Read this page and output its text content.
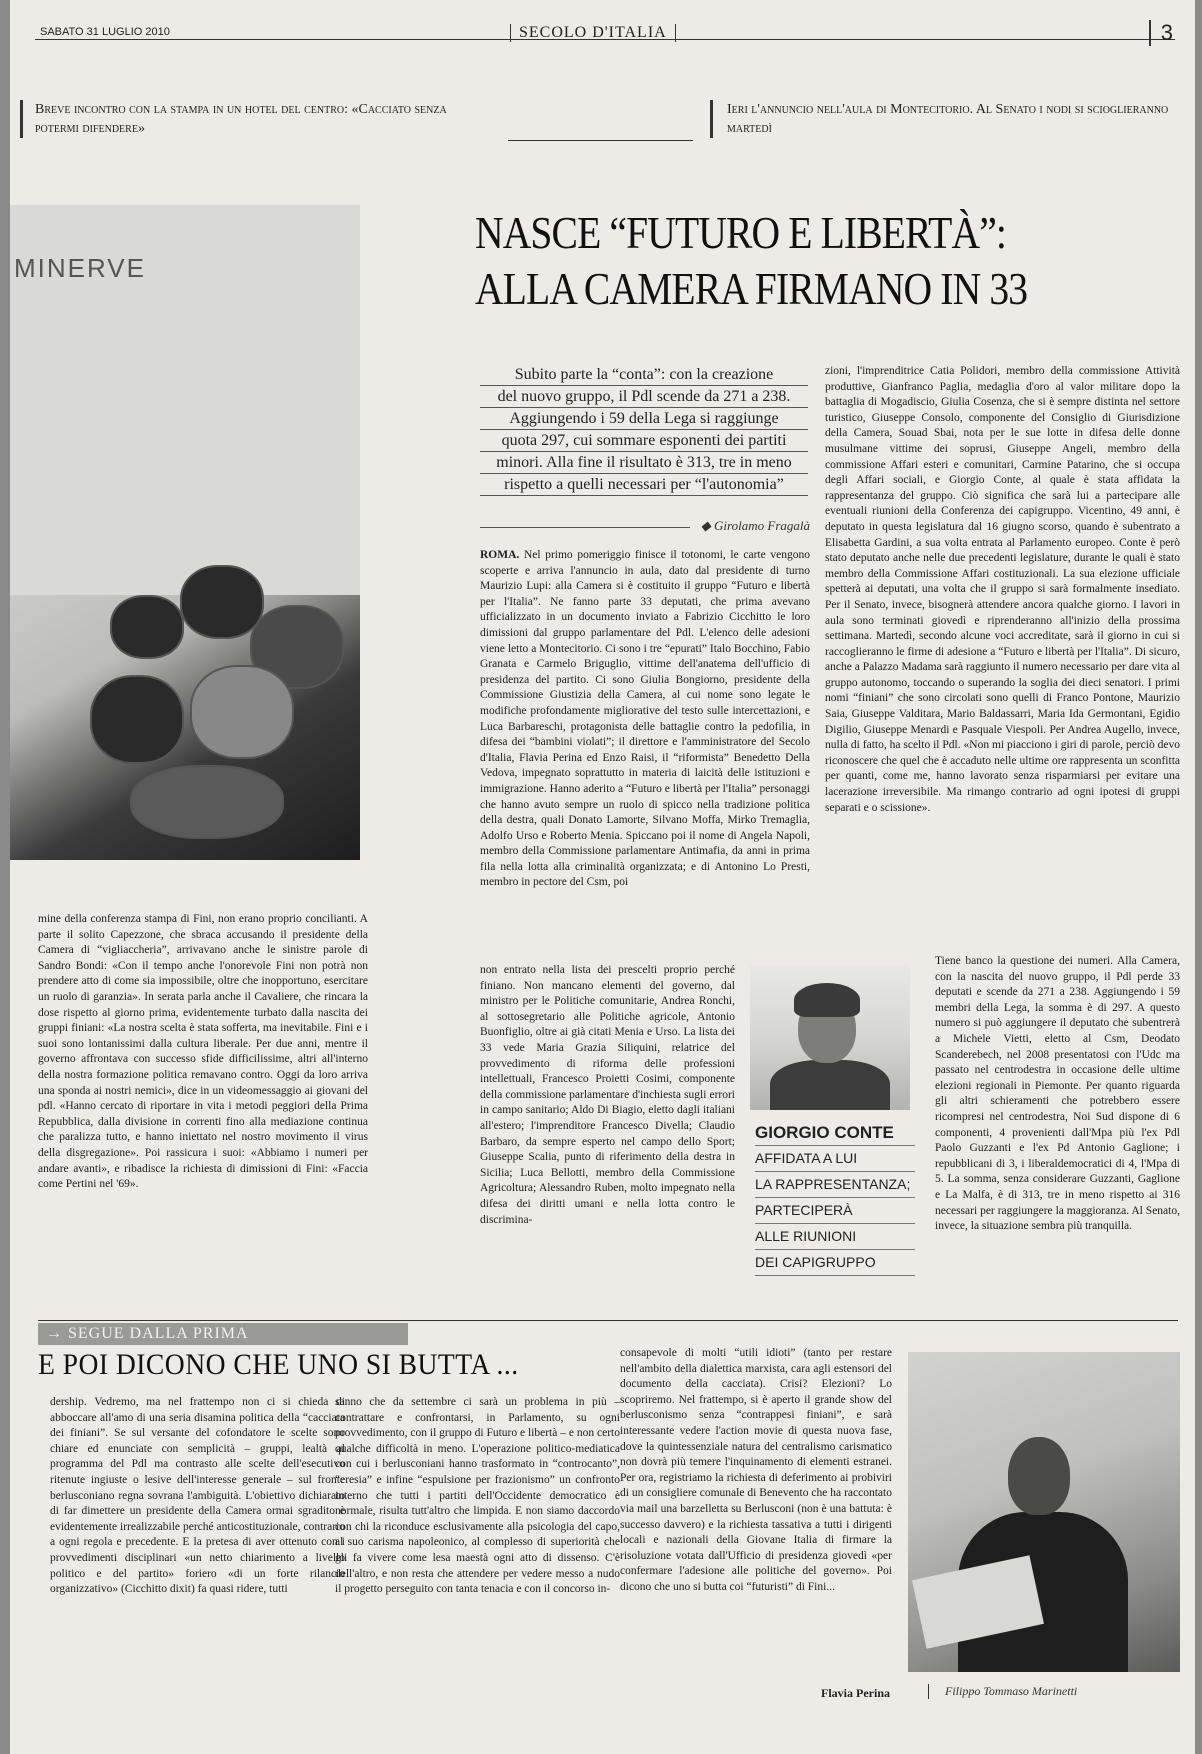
SABATO 31 LUGLIO 2010	SECOLO D'ITALIA	3
Breve incontro con la stampa in un hotel del centro: «Cacciato senza potermi difendere»
Ieri l'annuncio nell'aula di Montecitorio. Al Senato i nodi si scioglieranno martedì
MINERVE
NASCE “FUTURO E LIBERTÀ”:
ALLA CAMERA FIRMANO IN 33
Subito parte la “conta”: con la creazione
del nuovo gruppo, il Pdl scende da 271 a 238.
Aggiungendo i 59 della Lega si raggiunge
quota 297, cui sommare esponenti dei partiti
minori. Alla fine il risultato è 313, tre in meno
rispetto a quelli necessari per “l'autonomia”
◆ Girolamo Fragalà
ROMA. Nel primo pomeriggio finisce il totonomi, le carte vengono scoperte e arriva l'annuncio in aula, dato dal presidente di turno Maurizio Lupi: alla Camera si è costituito il gruppo “Futuro e libertà per l'Italia”. Ne fanno parte 33 deputati, che prima avevano ufficializzato in un documento inviato a Fabrizio Cicchitto le loro dimissioni dal gruppo parlamentare del Pdl. L'elenco delle adesioni viene letto a Montecitorio. Ci sono i tre “epurati” Italo Bocchino, Fabio Granata e Carmelo Briguglio, vittime dell'anatema dell'ufficio di presidenza del partito. Ci sono Giulia Bongiorno, presidente della Commissione Giustizia della Camera, al cui nome sono legate le modifiche profondamente migliorative del testo sulle intercettazioni, e Luca Barbareschi, protagonista delle battaglie contro la pedofilia, in difesa dei “bambini violati”; il direttore e l'amministratore del Secolo d'Italia, Flavia Perina ed Enzo Raisi, il “riformista” Benedetto Della Vedova, impegnato soprattutto in materia di laicità delle istituzioni e immigrazione. Hanno aderito a “Futuro e libertà per l'Italia” personaggi che hanno avuto sempre un ruolo di spicco nella tradizione politica della destra, quali Donato Lamorte, Silvano Moffa, Mirko Tremaglia, Adolfo Urso e Roberto Menia. Spiccano poi il nome di Angela Napoli, membro della Commissione parlamentare Antimafia, da anni in prima fila nella lotta alla criminalità organizzata; e di Antonino Lo Presti, membro in pectore del Csm, poi
non entrato nella lista dei prescelti proprio perché finiano. Non mancano elementi del governo, dal ministro per le Politiche comunitarie, Andrea Ronchi, al sottosegretario alle Politiche agricole, Antonio Buonfiglio, oltre ai già citati Menia e Urso. La lista dei 33 vede Maria Grazia Siliquini, relatrice del provvedimento di riforma delle professioni intellettuali, Francesco Proietti Cosimi, componente della commissione parlamentare d'inchiesta sugli errori in campo sanitario; Aldo Di Biagio, eletto dagli italiani all'estero; l'imprenditore Francesco Divella; Claudio Barbaro, da sempre esperto nel campo dello Sport; Giuseppe Scalia, punto di riferimento della destra in Sicilia; Luca Bellotti, membro della Commissione Agricoltura; Alessandro Ruben, molto impegnato nella difesa dei diritti umani e nella lotta contro le discrimina-
zioni, l'imprenditrice Catia Polidori, membro della commissione Attività produttive, Gianfranco Paglia, medaglia d'oro al valor militare dopo la battaglia di Mogadiscio, Giulia Cosenza, che si è sempre distinta nel settore turistico, Giuseppe Consolo, componente del Consiglio di Giurisdizione della Camera, Souad Sbai, nota per le sue lotte in difesa delle donne musulmane vittime dei soprusi, Giuseppe Angeli, membro della commissione Affari esteri e comunitari, Carmine Patarino, che si occupa degli Affari sociali, e Giorgio Conte, al quale è stata affidata la rappresentanza del gruppo. Ciò significa che sarà lui a partecipare alle eventuali riunioni della Conferenza dei capigruppo. Vicentino, 49 anni, è deputato in questa legislatura dal 16 giugno scorso, quando è subentrato a Elisabetta Gardini, a sua volta entrata al Parlamento europeo. Conte è però stato deputato anche nelle due precedenti legislature, durante le quali è stato membro della Commissione Affari costituzionali. La sua elezione ufficiale spetterà ai deputati, una volta che il gruppo si sarà formalmente insediato. Per il Senato, invece, bisognerà attendere ancora qualche giorno. I lavori in aula sono terminati giovedì e riprenderanno all'inizio della prossima settimana. Martedì, secondo alcune voci accreditate, sarà il giorno in cui si raccoglieranno le firme di adesione a “Futuro e libertà per l'Italia”. Di sicuro, anche a Palazzo Madama sarà raggiunto il numero necessario per dare vita al gruppo autonomo, toccando o superando la soglia dei dieci senatori. I primi nomi “finiani” che sono circolati sono quelli di Franco Pontone, Maurizio Saia, Giuseppe Valditara, Mario Baldassarri, Maria Ida Germontani, Egidio Digilio, Giuseppe Menardi e Pasquale Viespoli. Per Andrea Augello, invece, nulla di fatto, ha scelto il Pdl. «Non mi piacciono i giri di parole, perciò devo riconoscere che quel che è accaduto nelle ultime ore rappresenta un sconfitta per quanti, come me, hanno lavorato senza risparmiarsi per evitare una lacerazione irreversibile. Ma rimango contrario ad ogni ipotesi di gruppi separati e o scissione».
Tiene banco la questione dei numeri. Alla Camera, con la nascita del nuovo gruppo, il Pdl perde 33 deputati e scende da 271 a 238. Aggiungendo i 59 membri della Lega, la somma è di 297. A questo numero si può aggiungere il deputato che subentrerà a Michele Vietti, eletto al Csm, Deodato Scanderebech, nel 2008 presentatosi con l'Udc ma passato nel centrodestra in occasione delle ultime elezioni regionali in Piemonte. Per quanto riguarda gli altri schieramenti che potrebbero essere ricompresi nel centrodestra, Noi Sud dispone di 6 componenti, 4 provenienti dall'Mpa più l'ex Pdl Paolo Guzzanti e l'ex Pd Antonio Gaglione; i repubblicani di 3, i liberaldemocratici di 4, l'Mpa di 5. La somma, senza considerare Guzzanti, Gaglione e La Malfa, è di 313, tre in meno rispetto ai 316 necessari per raggiungere la maggioranza. Al Senato, invece, la situazione sembra più tranquilla.
mine della conferenza stampa di Fini, non erano proprio concilianti. A parte il solito Capezzone, che sbraca accusando il presidente della Camera di “vigliaccheria”, arrivavano anche le sinistre parole di Sandro Bondi: «Con il tempo anche l'onorevole Fini non potrà non prendere atto di come sia impossibile, oltre che inopportuno, esercitare un ruolo di garanzia». In serata parla anche il Cavaliere, che rincara la dose rispetto al giorno prima, evidentemente turbato dalla nascita dei gruppi finiani: «La nostra scelta è stata sofferta, ma inevitabile. Fini e i suoi sono lontanissimi dalla cultura liberale. Per due anni, mentre il governo affrontava con successo sfide difficilissime, altri all'interno della nostra formazione politica remavano contro. Oggi da loro arriva una sponda ai nostri nemici», dice in un videomessaggio ai giovani del pdl. «Hanno cercato di riportare in vita i metodi peggiori della Prima Repubblica, dalla divisione in correnti fino alla mediazione continua che paralizza tutto, e hanno iniettato nel nostro movimento il virus della disgregazione». Poi rassicura i suoi: «Abbiamo i numeri per andare avanti», e ribadisce la richiesta di dimissioni di Fini: «Faccia come Pertini nel '69».
GIORGIO CONTE
AFFIDATA A LUI
LA RAPPRESENTANZA;
PARTECIPERÀ
ALLE RIUNIONI
DEI CAPIGRUPPO
→ SEGUE DALLA PRIMA
E POI DICONO CHE UNO SI BUTTA ...
dership. Vedremo, ma nel frattempo non ci si chieda di abboccare all'amo di una seria disamina politica della “cacciata dei finiani”. Se sul versante del cofondatore le scelte sono chiare ed enunciate con semplicità – gruppi, lealtà al programma del Pdl ma contrasto alle scelte dell'esecutivo ritenute ingiuste o lesive dell'interesse generale – sul fronte berlusconiano regna sovrana l'ambiguità. L'obiettivo dichiarato di far dimettere un presidente della Camera ormai sgradito è evidentemente irrealizzabile perché anticostituzionale, contrario a ogni regola e precedente. E la pretesa di aver ottenuto con i provvedimenti disciplinari «un netto chiarimento a livello politico e del partito» foriero «di un forte rilancio organizzativo» (Cicchitto dixit) fa quasi ridere, tutti
sanno che da settembre ci sarà un problema in più – contrattare e confrontarsi, in Parlamento, su ogni provvedimento, con il gruppo di Futuro e libertà – e non certo qualche difficoltà in meno. L'operazione politico-mediatica con cui i berlusconiani hanno trasformato in “controcanto”, “eresia” e infine “espulsione per frazionismo” un confronto interno che tutti i partiti dell'Occidente democratico è normale, risulta tutt'altro che limpida. E non siamo daccordo con chi la riconduce esclusivamente alla psicologia del capo, al suo carisma napoleonico, al complesso di superiorità che gli fa vivere come lesa maestà ogni atto di dissenso. C'è dell'altro, e non resta che attendere per vedere messo a nudo il progetto perseguito con tanta tenacia e con il concorso in-
consapevole di molti “utili idioti” (tanto per restare nell'ambito della dialettica marxista, cara agli estensori del documento della cacciata). Crisi? Elezioni? Lo scopriremo. Nel frattempo, si è aperto il grande show del berlusconismo senza “contrappesi finiani”, e sarà interessante vedere l'action movie di questa nuova fase, dove la quintessenziale natura del centralismo carismatico non dovrà più temere l'inquinamento di elementi estranei. Per ora, registriamo la richiesta di deferimento ai probiviri di un consigliere comunale di Benevento che ha raccontato via mail una barzelletta su Berlusconi (non è una battuta: è successo davvero) e la richiesta tassativa a tutti i dirigenti locali e nazionali della Giovane Italia di firmare la risoluzione votata dall'Ufficio di presidenza giovedì «per confermare l'adesione alle politiche del governo». Poi dicono che uno si butta coi “futuristi” di Fini...
Flavia Perina	Filippo Tommaso Marinetti
